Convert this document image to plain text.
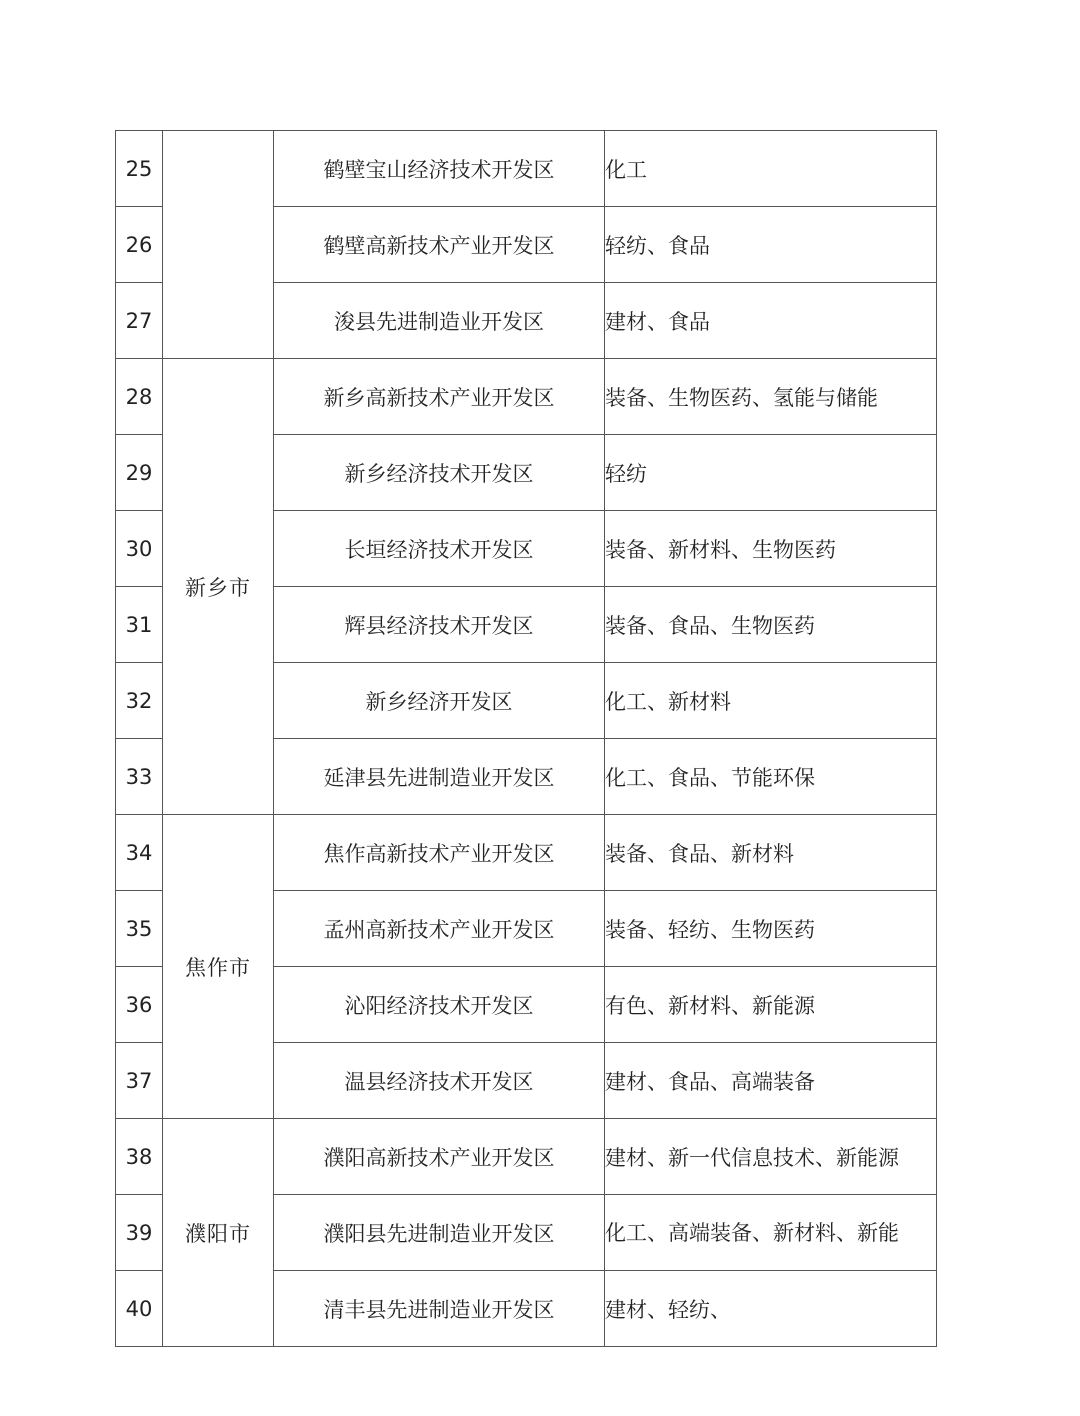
25		鹤壁宝山经济技术开发区	化工
26		鹤壁高新技术产业开发区	轻纺、食品
27		浚县先进制造业开发区	建材、食品
28	新乡市	新乡高新技术产业开发区	装备、生物医药、氢能与储能
29		新乡经济技术开发区	轻纺
30		长垣经济技术开发区	装备、新材料、生物医药
31		辉县经济技术开发区	装备、食品、生物医药
32		新乡经济开发区	化工、新材料
33		延津县先进制造业开发区	化工、食品、节能环保
34	焦作市	焦作高新技术产业开发区	装备、食品、新材料
35		孟州高新技术产业开发区	装备、轻纺、生物医药
36		沁阳经济技术开发区	有色、新材料、新能源
37		温县经济技术开发区	建材、食品、高端装备
38	濮阳市	濮阳高新技术产业开发区	建材、新一代信息技术、新能源
39		濮阳县先进制造业开发区	化工、高端装备、新材料、新能
40		清丰县先进制造业开发区	建材、轻纺、
